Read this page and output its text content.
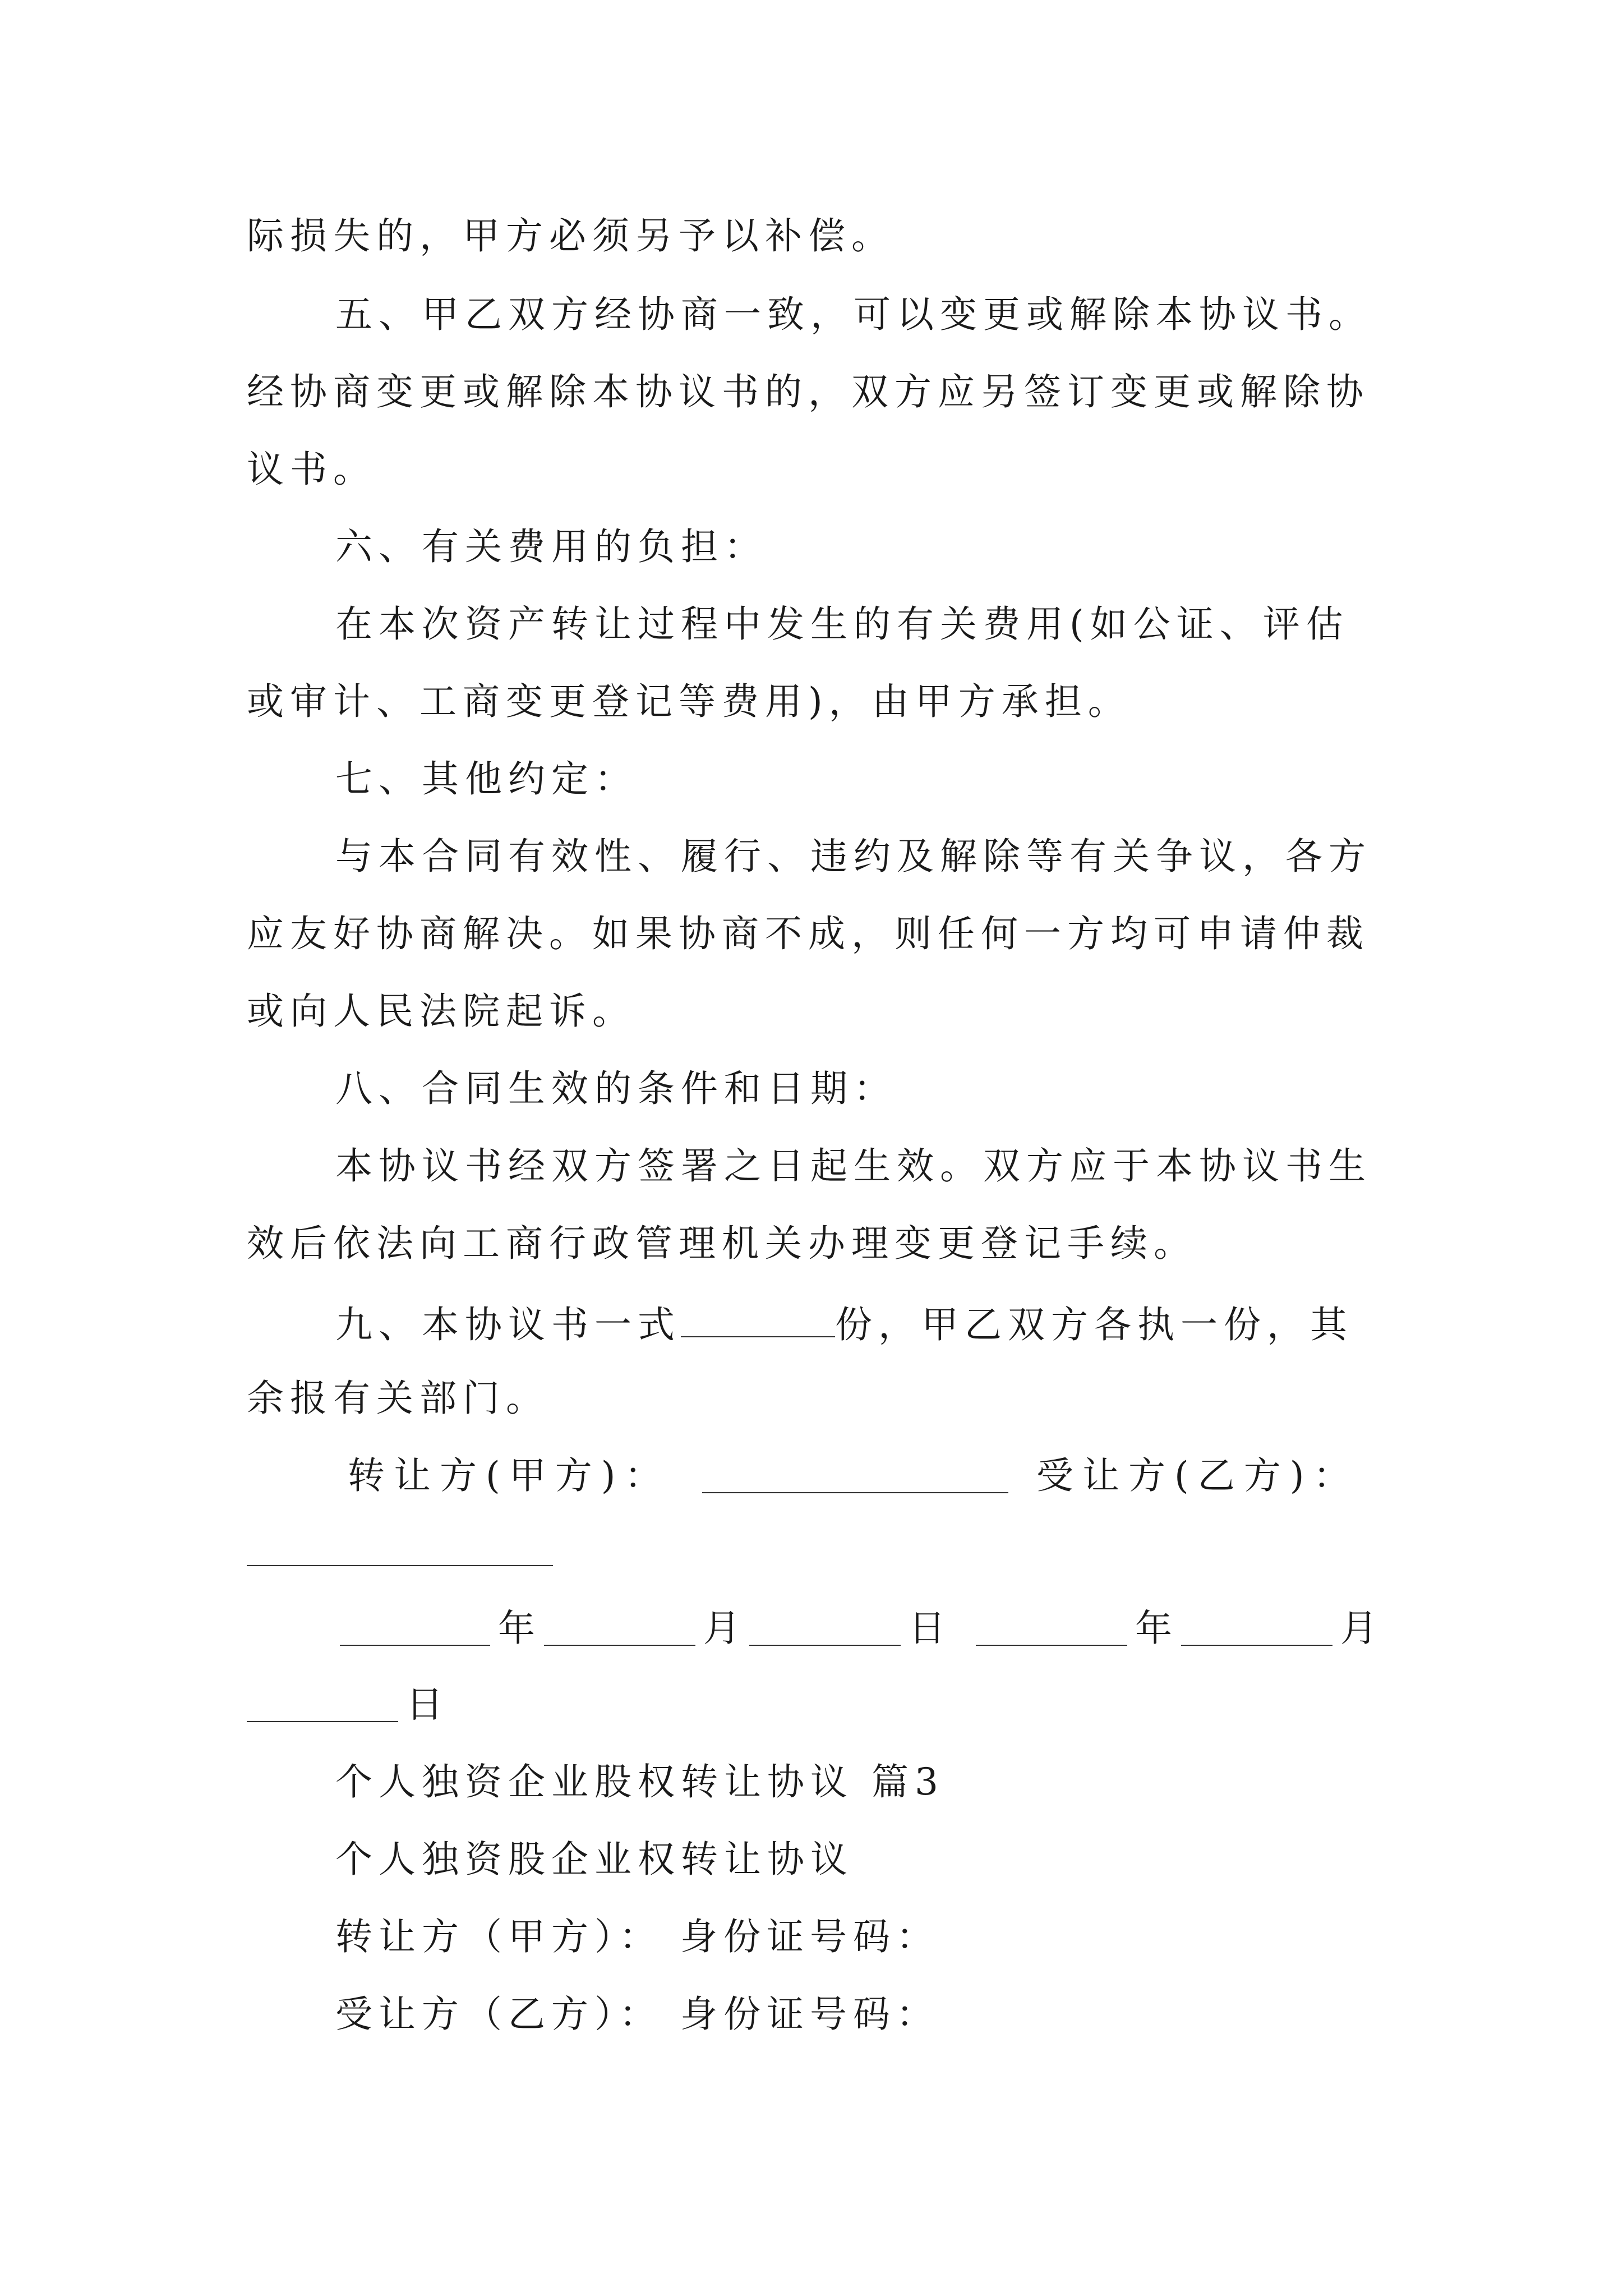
际损失的，甲方必须另予以补偿。
五、甲乙双方经协商一致，可以变更或解除本协议书。
经协商变更或解除本协议书的，双方应另签订变更或解除协
议书。
六、有关费用的负担：
在本次资产转让过程中发生的有关费用(如公证、评估
或审计、工商变更登记等费用)，由甲方承担。
七、其他约定：
与本合同有效性、履行、违约及解除等有关争议，各方
应友好协商解决。如果协商不成，则任何一方均可申请仲裁
或向人民法院起诉。
八、合同生效的条件和日期：
本协议书经双方签署之日起生效。双方应于本协议书生
效后依法向工商行政管理机关办理变更登记手续。
九、本协议书一式	份，甲乙双方各执一份，其
余报有关部门。
转让方(甲方)：	受让方(乙方)：
年	月	日	年	月
日
个人独资企业股权转让协议 篇3
个人独资股企业权转让协议
转让方（甲方）： 身份证号码：
受让方（乙方）： 身份证号码：
